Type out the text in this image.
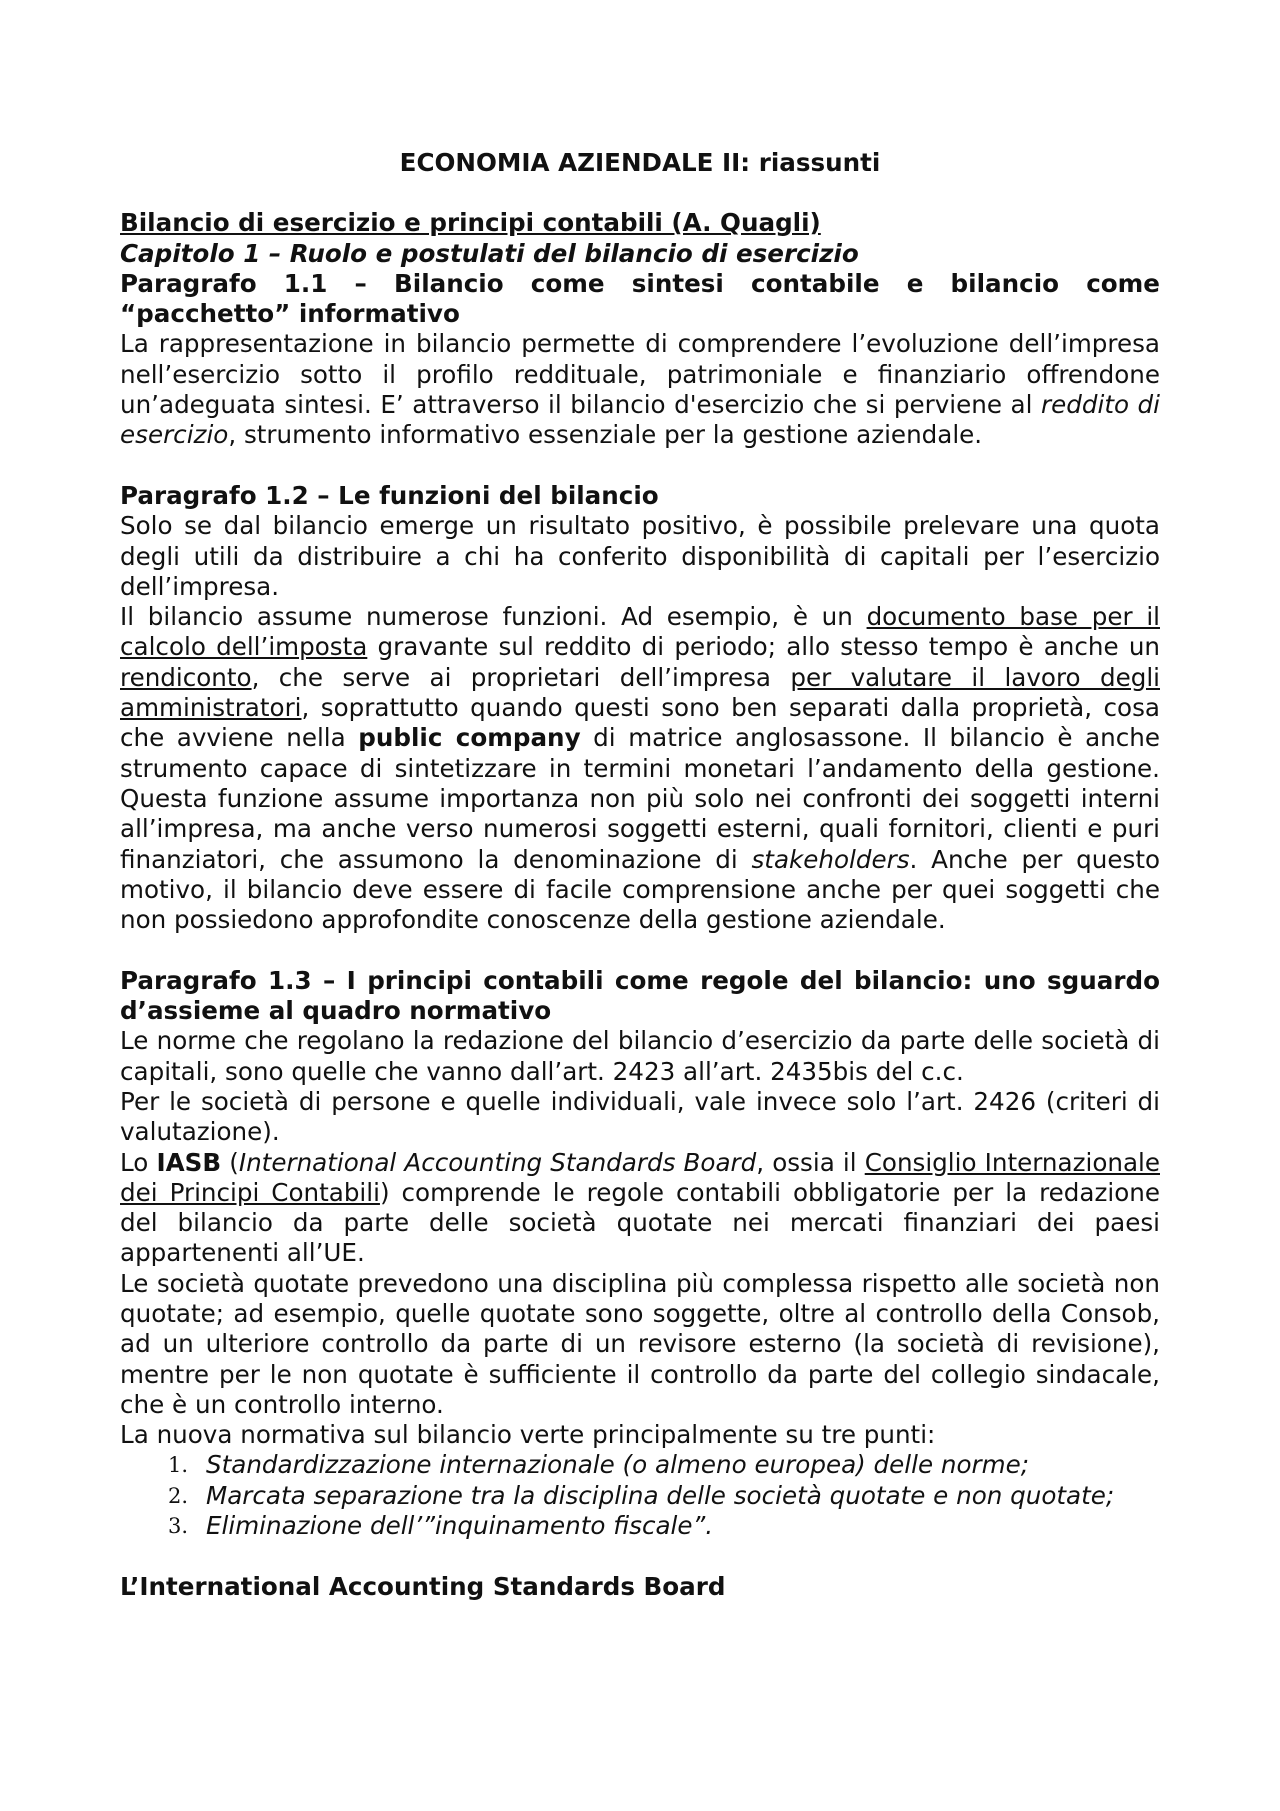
ECONOMIA AZIENDALE II: riassunti
Bilancio di esercizio e principi contabili (A. Quagli)
Capitolo 1 – Ruolo e postulati del bilancio di esercizio
Paragrafo 1.1 – Bilancio come sintesi contabile e bilancio come “pacchetto” informativo

La rappresentazione in bilancio permette di comprendere l’evoluzione dell’impresa nell’esercizio sotto il profilo reddituale, patrimoniale e finanziario offrendone un’adeguata sintesi. E’ attraverso il bilancio d'esercizio che si perviene al reddito di esercizio, strumento informativo essenziale per la gestione aziendale.

Paragrafo 1.2 – Le funzioni del bilancio

Solo se dal bilancio emerge un risultato positivo, è possibile prelevare una quota degli utili da distribuire a chi ha conferito disponibilità di capitali per l’esercizio dell’impresa.

Il bilancio assume numerose funzioni. Ad esempio, è un documento base per il calcolo dell’imposta gravante sul reddito di periodo; allo stesso tempo è anche un rendiconto, che serve ai proprietari dell’impresa per valutare il lavoro degli amministratori, soprattutto quando questi sono ben separati dalla proprietà, cosa che avviene nella public company di matrice anglosassone. Il bilancio è anche strumento capace di sintetizzare in termini monetari l’andamento della gestione. Questa funzione assume importanza non più solo nei confronti dei soggetti interni all’impresa, ma anche verso numerosi soggetti esterni, quali fornitori, clienti e puri finanziatori, che assumono la denominazione di stakeholders. Anche per questo motivo, il bilancio deve essere di facile comprensione anche per quei soggetti che non possiedono approfondite conoscenze della gestione aziendale.

Paragrafo 1.3 – I principi contabili come regole del bilancio: uno sguardo d’assieme al quadro normativo

Le norme che regolano la redazione del bilancio d’esercizio da parte delle società di capitali, sono quelle che vanno dall’art. 2423 all’art. 2435bis del c.c.

Per le società di persone e quelle individuali, vale invece solo l’art. 2426 (criteri di valutazione).

Lo IASB (International Accounting Standards Board, ossia il Consiglio Internazionale dei Principi Contabili) comprende le regole contabili obbligatorie per la redazione del bilancio da parte delle società quotate nei mercati finanziari dei paesi appartenenti all’UE.

Le società quotate prevedono una disciplina più complessa rispetto alle società non quotate; ad esempio, quelle quotate sono soggette, oltre al controllo della Consob, ad un ulteriore controllo da parte di un revisore esterno (la società di revisione), mentre per le non quotate è sufficiente il controllo da parte del collegio sindacale, che è un controllo interno.

La nuova normativa sul bilancio verte principalmente su tre punti:

1. Standardizzazione internazionale (o almeno europea) delle norme;
2. Marcata separazione tra la disciplina delle società quotate e non quotate;
3. Eliminazione dell’”inquinamento fiscale”.
L’International Accounting Standards Board
